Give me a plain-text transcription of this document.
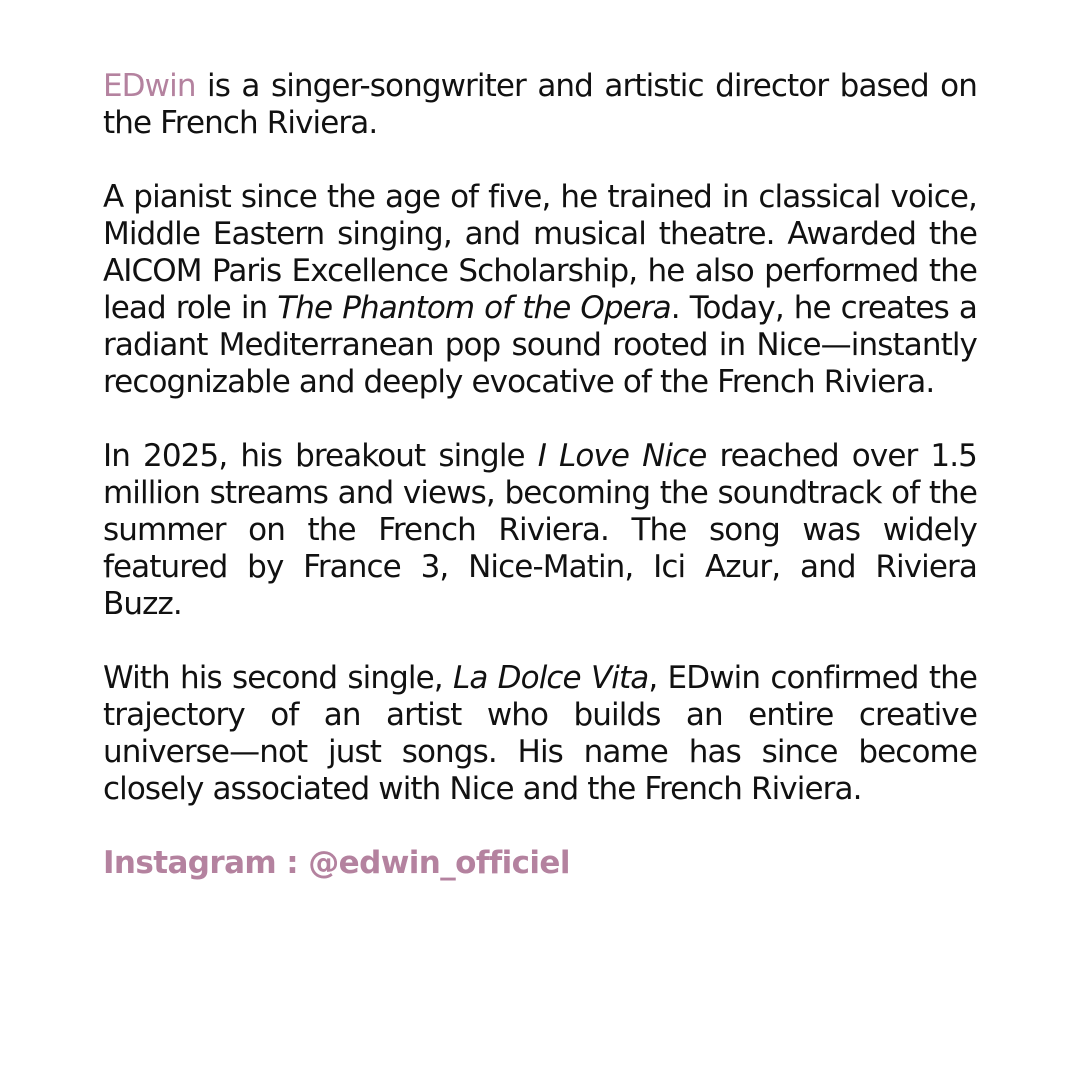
EDwin is a singer-songwriter and artistic director based on the French Riviera.

A pianist since the age of five, he trained in classical voice, Middle Eastern singing, and musical theatre. Awarded the AICOM Paris Excellence Scholarship, he also performed the lead role in The Phantom of the Opera. Today, he creates a radiant Mediterranean pop sound rooted in Nice—instantly recognizable and deeply evocative of the French Riviera.

In 2025, his breakout single I Love Nice reached over 1.5 million streams and views, becoming the soundtrack of the summer on the French Riviera. The song was widely featured by France 3, Nice-Matin, Ici Azur, and Riviera Buzz.

With his second single, La Dolce Vita, EDwin confirmed the trajectory of an artist who builds an entire creative universe—not just songs. His name has since become closely associated with Nice and the French Riviera.

Instagram : @edwin_officiel
